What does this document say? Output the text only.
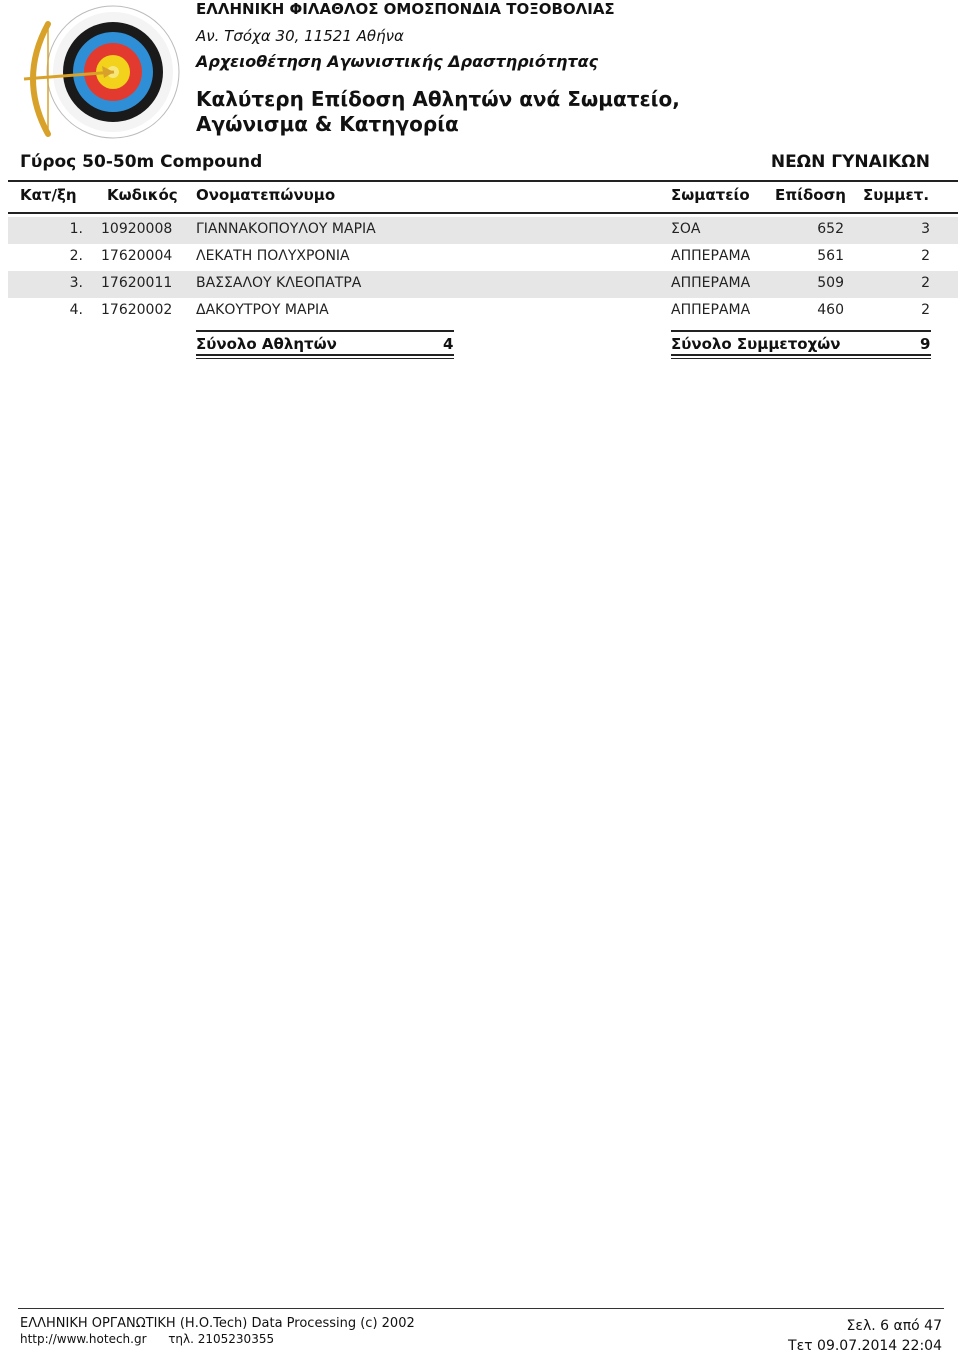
ΕΛΛΗΝΙΚΗ ΦΙΛΑΘΛΟΣ ΟΜΟΣΠΟΝΔΙΑ ΤΟΞΟΒΟΛΙΑΣ
Αν. Τσόχα 30, 11521 Αθήνα
Αρχειοθέτηση Αγωνιστικής Δραστηριότητας
Καλύτερη Επίδοση Αθλητών ανά Σωματείο,
Αγώνισμα & Κατηγορία
Γύρος 50-50m Compound	ΝΕΩΝ ΓΥΝΑΙΚΩΝ
Κατ/ξη Κωδικός Ονοματεπώνυμο	Σωματείο Επίδοση Συμμετ.
1. 10920008 ΓΙΑΝΝΑΚΟΠΟΥΛΟΥ ΜΑΡΙΑ	ΣΟΑ	652	3
2. 17620004 ΛΕΚΑΤΗ ΠΟΛΥΧΡΟΝΙΑ	ΑΠΠΕΡΑΜΑ	561	2
3. 17620011 ΒΑΣΣΑΛΟΥ ΚΛΕΟΠΑΤΡΑ	ΑΠΠΕΡΑΜΑ	509	2
4. 17620002 ΔΑΚΟΥΤΡΟΥ ΜΑΡΙΑ	ΑΠΠΕΡΑΜΑ	460	2
Σύνολο Αθλητών	4	Σύνολο Συμμετοχών	9
ΕΛΛΗΝΙΚΗ ΟΡΓΑΝΩΤΙΚΗ (Η.Ο.Tech) Data Processing (c) 2002
http://www.hotech.gr τηλ. 2105230355
Σελ. 6 από 47
Τετ 09.07.2014 22:04
